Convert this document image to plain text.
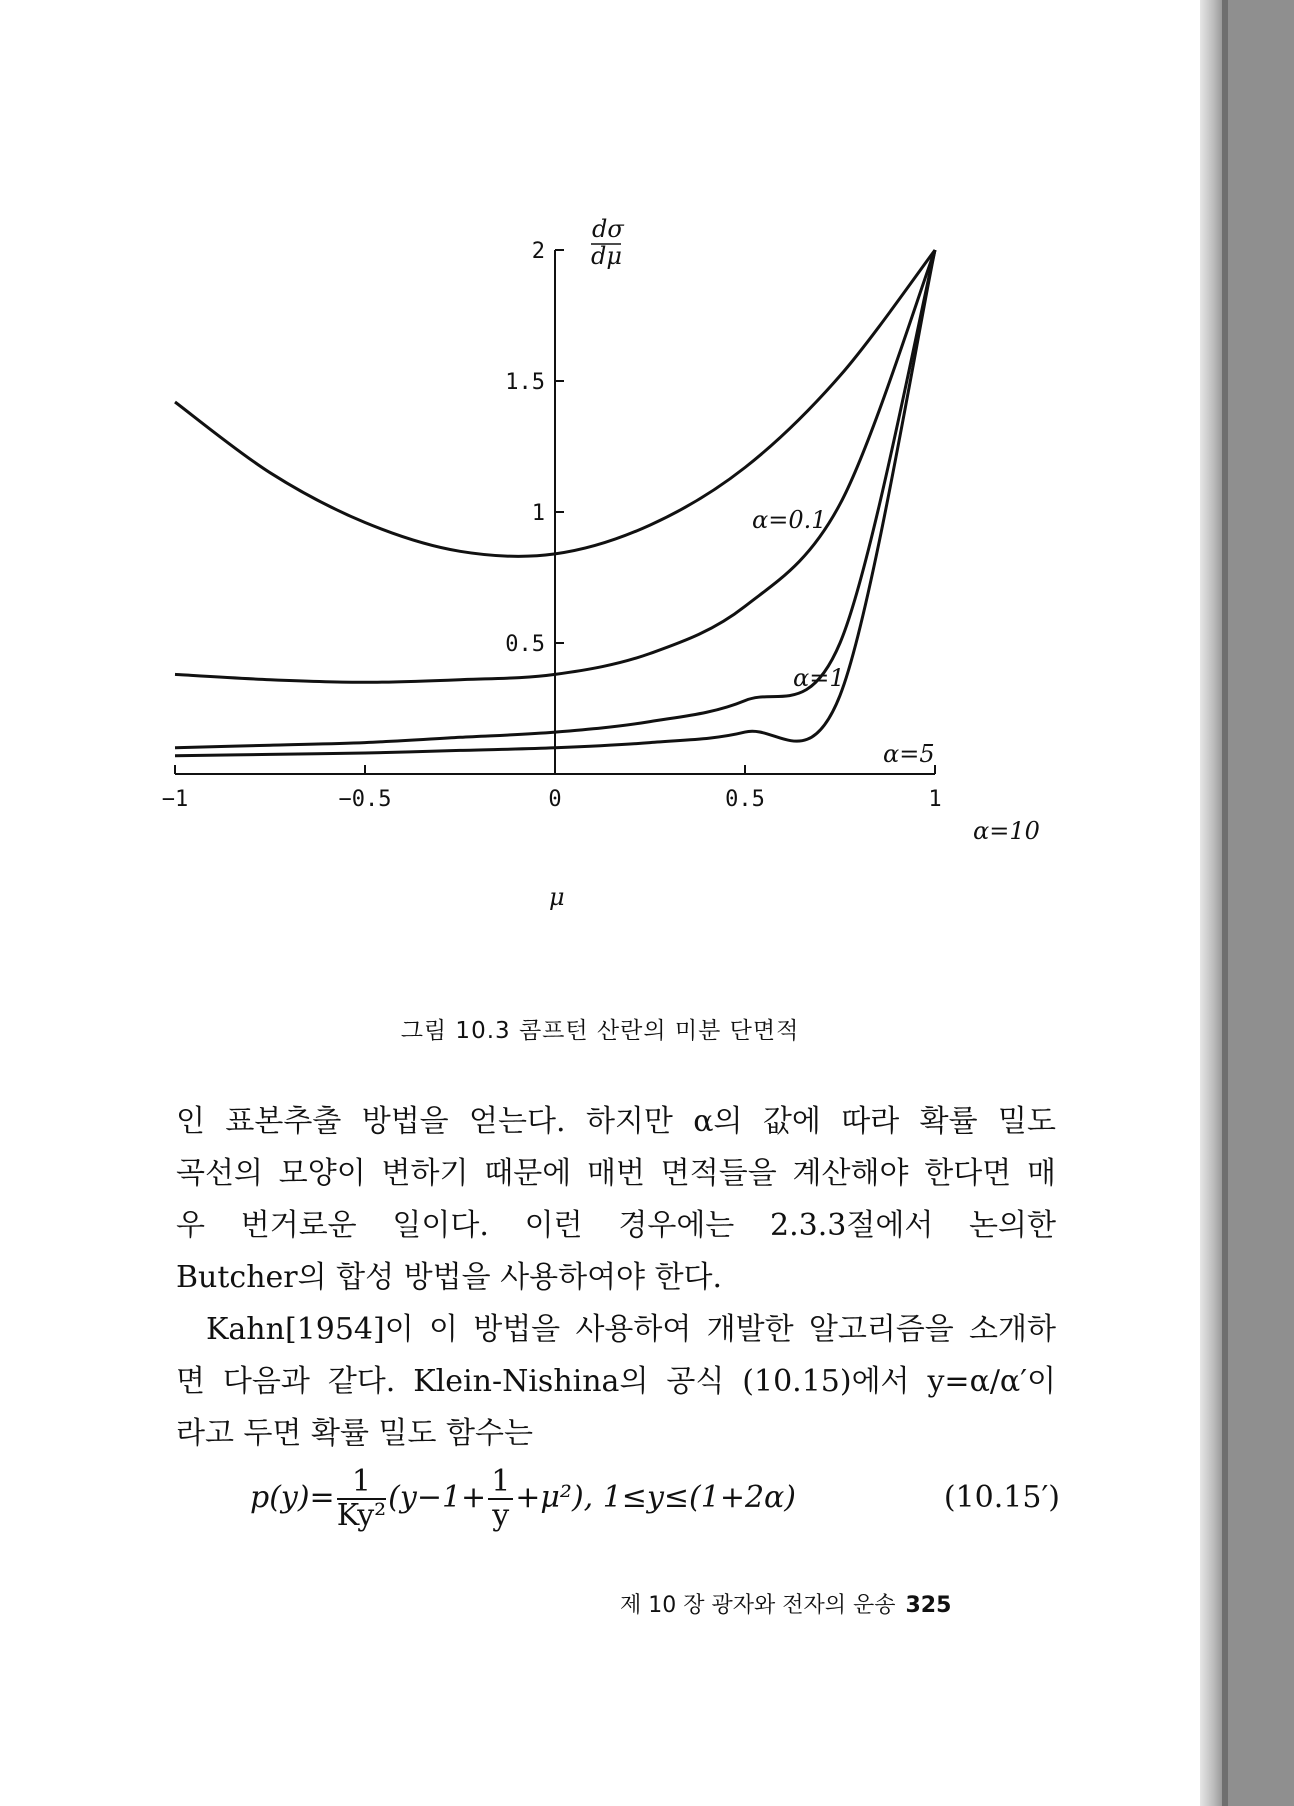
−1	−0.5	0	0.5	1
0.5
1
1.5
2
dσ
dμ
μ
α=0.1
α=1
α=5
α=10
그림 10.3 콤프턴 산란의 미분 단면적

인 표본추출 방법을 얻는다. 하지만 α의 값에 따라 확률 밀도

곡선의 모양이 변하기 때문에 매번 면적들을 계산해야 한다면 매

우 번거로운 일이다. 이런 경우에는 2.3.3절에서 논의한

Butcher의 합성 방법을 사용하여야 한다.

Kahn[1954]이 이 방법을 사용하여 개발한 알고리즘을 소개하

면 다음과 같다. Klein-Nishina의 공식 (10.15)에서 y=α/α′이

라고 두면 확률 밀도 함수는

$p(y)= \frac{1}{\text{Ky²}} (y-1+ \frac{1}{y} +\mu^2)$, 1≤y≤(1+2α)	(10.15′)
제 10 장 광자와 전자의 운송 325
